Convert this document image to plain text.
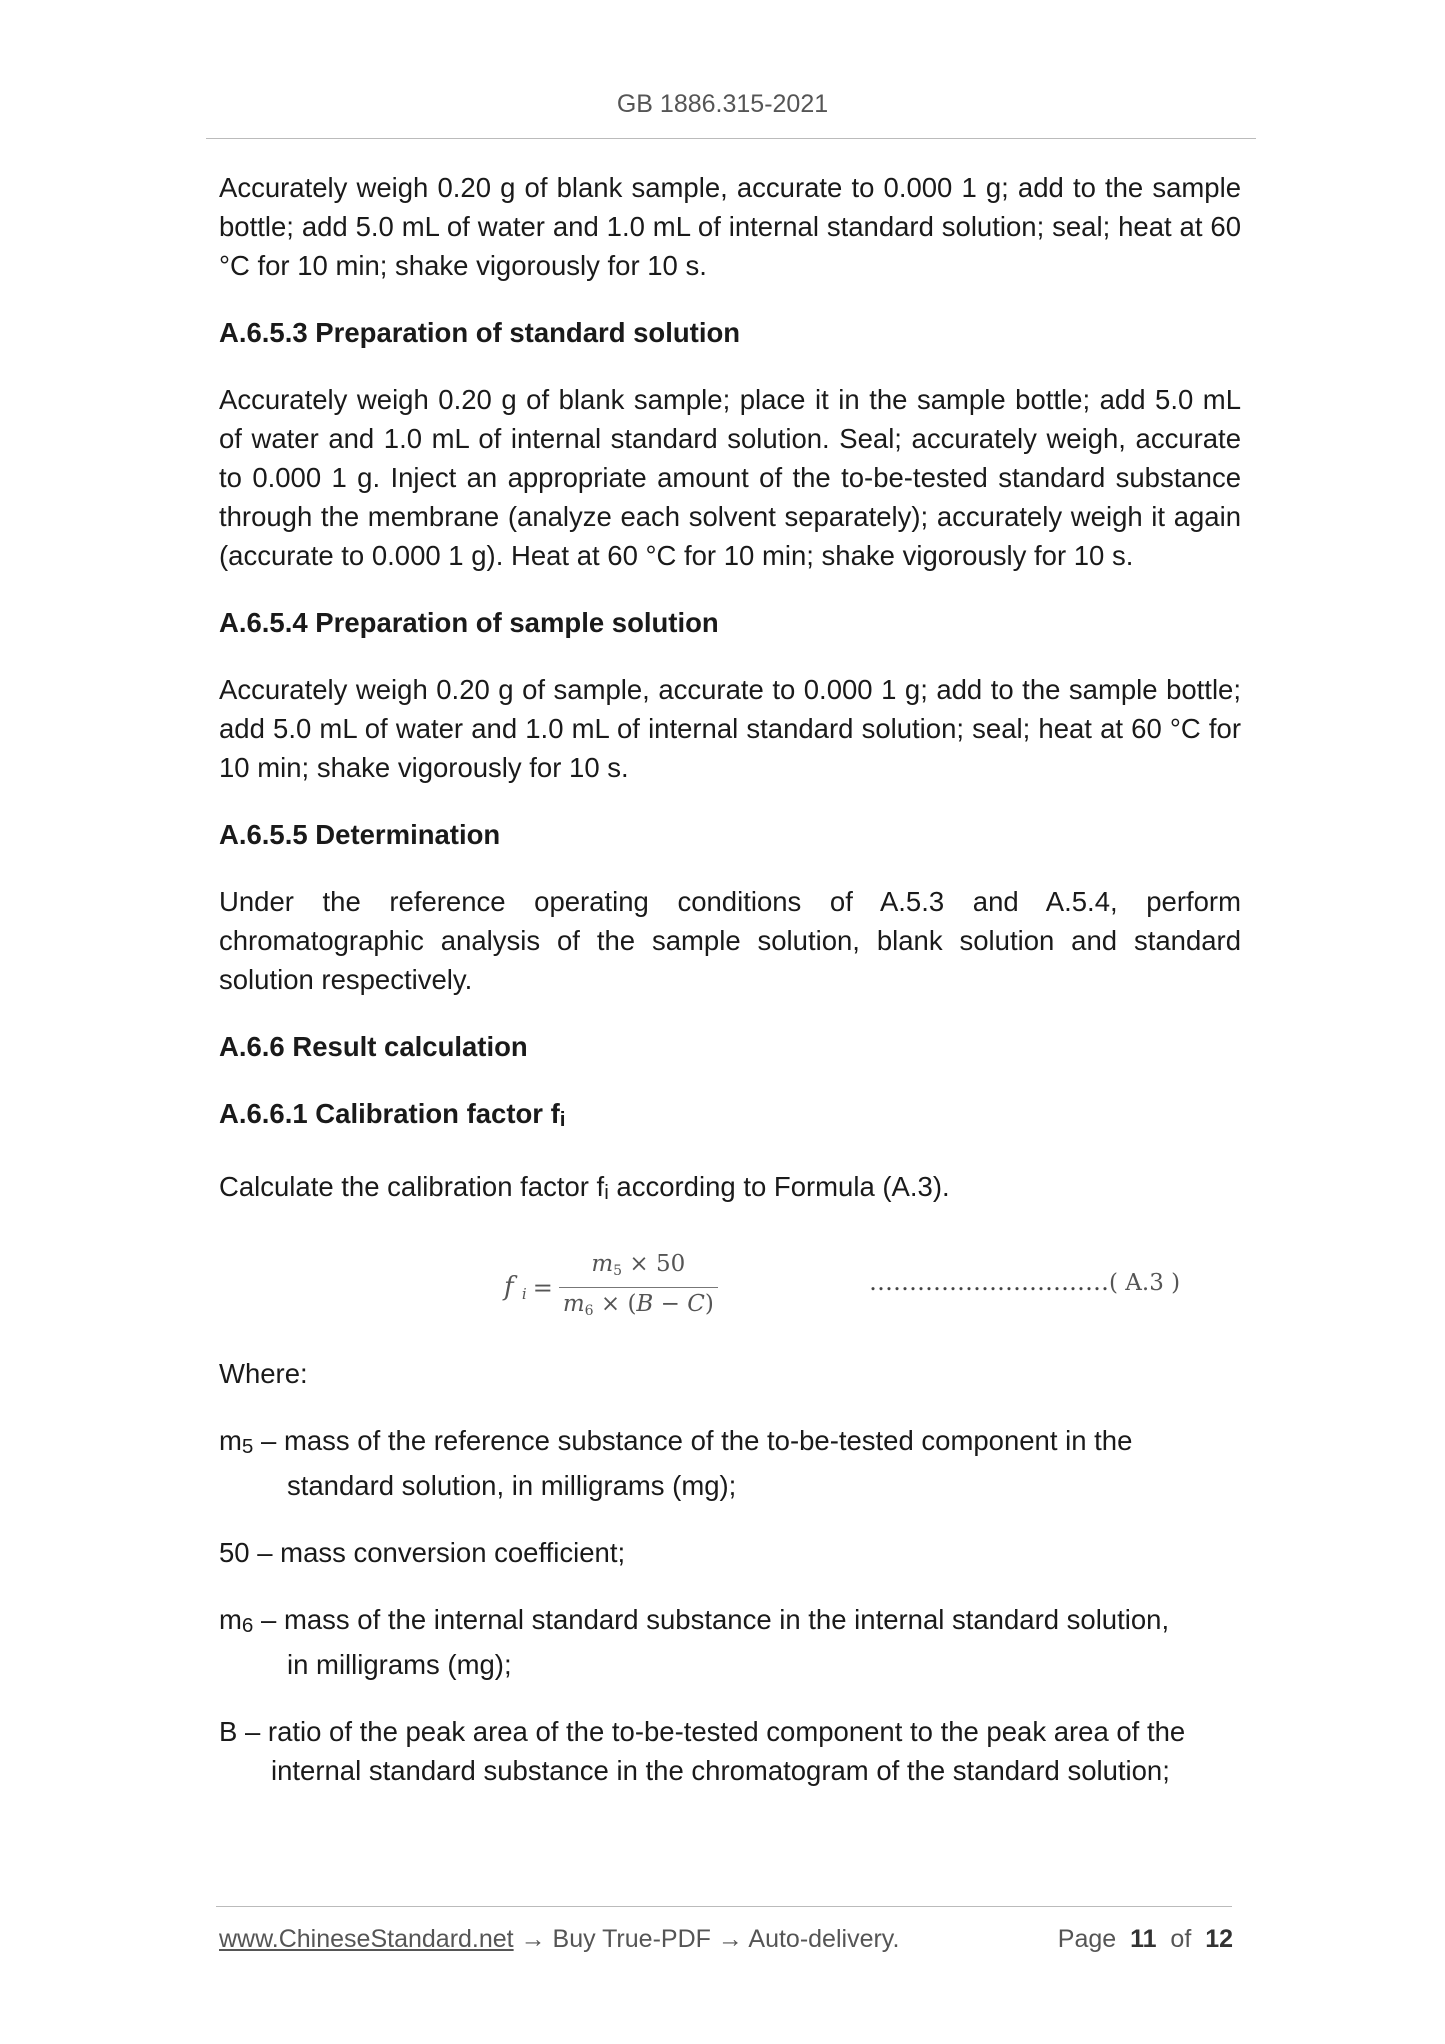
GB 1886.315-2021

Accurately weigh 0.20 g of blank sample, accurate to 0.000 1 g; add to the sample bottle; add 5.0 mL of water and 1.0 mL of internal standard solution; seal; heat at 60 °C for 10 min; shake vigorously for 10 s.

A.6.5.3 Preparation of standard solution

Accurately weigh 0.20 g of blank sample; place it in the sample bottle; add 5.0 mL of water and 1.0 mL of internal standard solution. Seal; accurately weigh, accurate to 0.000 1 g. Inject an appropriate amount of the to-be-tested standard substance through the membrane (analyze each solvent separately); accurately weigh it again (accurate to 0.000 1 g). Heat at 60 °C for 10 min; shake vigorously for 10 s.

A.6.5.4 Preparation of sample solution

Accurately weigh 0.20 g of sample, accurate to 0.000 1 g; add to the sample bottle; add 5.0 mL of water and 1.0 mL of internal standard solution; seal; heat at 60 °C for 10 min; shake vigorously for 10 s.

A.6.5.5 Determination

Under the reference operating conditions of A.5.3 and A.5.4, perform chromatographic analysis of the sample solution, blank solution and standard solution respectively.

A.6.6 Result calculation
A.6.6.1 Calibration factor fi

Calculate the calibration factor fi according to Formula (A.3).

f $i = \frac{m5 \times 50}{m6 \times (B - C)}$	…………………………( A.3 )

Where:

m5 – mass of the reference substance of the to-be-tested component in the
standard solution, in milligrams (mg);
50 – mass conversion coefficient;
m6 – mass of the internal standard substance in the internal standard solution,
in milligrams (mg);
B – ratio of the peak area of the to-be-tested component to the peak area of the
internal standard substance in the chromatogram of the standard solution;
www.ChineseStandard.net → Buy True-PDF → Auto-delivery.	Page 11 of 12
